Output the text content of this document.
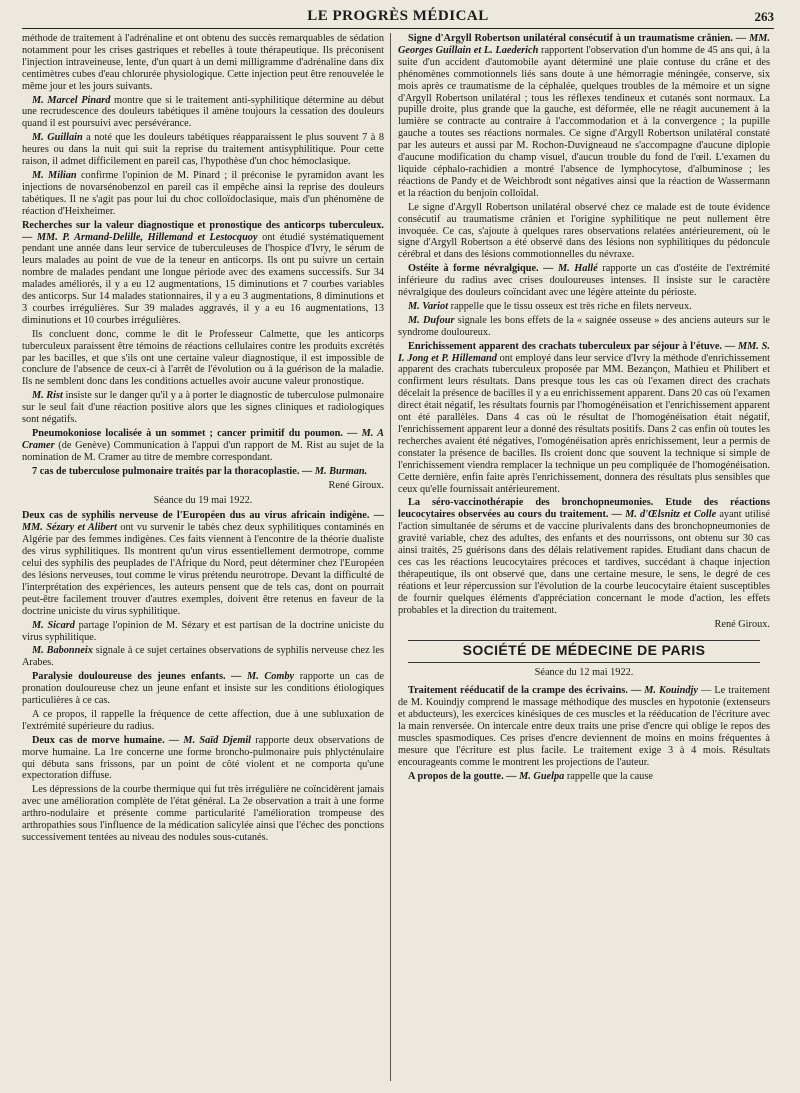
LE PROGRÈS MÉDICAL	263

méthode de traitement à l'adrénaline et ont obtenu des succès remarquables de sédation notamment pour les crises gastriques et rebelles à toute thérapeutique. Ils préconisent l'injection intraveineuse, lente, d'un quart à un demi milligramme d'adrénaline dans dix centimètres cubes d'eau chlorurée physiologique. Cette injection peut être renouvelée le même jour et les jours suivants.

M. Marcel Pinard montre que si le traitement anti-syphilitique détermine au début une recrudescence des douleurs tabétiques il amène toujours la cessation des douleurs quand il est poursuivi avec persévérance.

M. Guillain a noté que les douleurs tabétiques réapparaissent le plus souvent 7 à 8 heures ou dans la nuit qui suit la reprise du traitement antisyphilitique. Pour cette raison, il admet difficilement en pareil cas, l'hypothèse d'un choc hémoclasique.

M. Milian confirme l'opinion de M. Pinard ; il préconise le pyramidon avant les injections de novarsénobenzol en pareil cas il empêche ainsi la reprise des douleurs tabétiques. Il ne s'agit pas pour lui du choc colloïdoclasique, mais d'un phénomène de réaction d'Heixheimer.

Recherches sur la valeur diagnostique et pronostique des anticorps tuberculeux. — MM. P. Armand-Delille, Hillemand et Lestocquoy ont étudié systématiquement pendant une année dans leur service de tuberculeuses de l'hospice d'Ivry, le sérum de leurs malades au point de vue de la teneur en anticorps. Ils ont pu suivre un certain nombre de malades pendant une longue période avec des examens successifs. Sur 34 malades améliorés, il y a eu 12 augmentations, 15 diminutions et 7 courbes variables des anticorps. Sur 14 malades stationnaires, il y a eu 3 augmentations, 8 diminutions et 3 courbes irrégulières. Sur 39 malades aggravés, il y a eu 16 augmentations, 13 diminutions et 10 courbes irrégulières.

Ils concluent donc, comme le dit le Professeur Calmette, que les anticorps tuberculeux paraissent être témoins de réactions cellulaires contre les produits excrétés par les bacilles, et que s'ils ont une certaine valeur diagnostique, il est impossible de conclure de l'absence de ceux-ci à l'arrêt de l'évolution ou à la guérison de la maladie. Ils ne semblent donc dans les conditions actuelles avoir aucune valeur pronostique.

M. Rist insiste sur le danger qu'il y a à porter le diagnostic de tuberculose pulmonaire sur le seul fait d'une réaction positive alors que les signes cliniques et radiologiques sont négatifs.

Pneumokoniose localisée à un sommet ; cancer primitif du poumon. — M. A Cramer (de Genève) Communication à l'appui d'un rapport de M. Rist au sujet de la nomination de M. Cramer au titre de membre correspondant.

7 cas de tuberculose pulmonaire traités par la thoracoplastie. — M. Burman.

René Giroux.
Séance du 19 mai 1922.

Deux cas de syphilis nerveuse de l'Européen dus au virus africain indigène. — MM. Sézary et Alibert ont vu survenir le tabès chez deux syphilitiques contaminés en Algérie par des femmes indigènes. Ces faits viennent à l'encontre de la théorie dualiste des virus syphilitiques. Ils montrent qu'un virus essentiellement dermotrope, comme celui des syphilis des peuplades de l'Afrique du Nord, peut déterminer chez l'Européen des lésions nerveuses, tout comme le virus prétendu neurotrope. Devant la difficulté de l'interprétation des expériences, les auteurs pensent que de tels cas, dont on pourrait peut-être facilement trouver d'autres exemples, doivent être retenus en faveur de la doctrine uniciste du virus syphilitique.

M. Sicard partage l'opinion de M. Sézary et est partisan de la doctrine uniciste du virus syphilitique.

M. Babonneix signale à ce sujet certaines observations de syphilis nerveuse chez les Arabes.

Paralysie douloureuse des jeunes enfants. — M. Comby rapporte un cas de pronation douloureuse chez un jeune enfant et insiste sur les conditions étiologiques particulières à ce cas.

A ce propos, il rappelle la fréquence de cette affection, due à une subluxation de l'extrémité supérieure du radius.

Deux cas de morve humaine. — M. Saïd Djemil rapporte deux observations de morve humaine. La 1re concerne une forme broncho-pulmonaire puis phlycténulaire qui débuta sans frissons, par un point de côté violent et ne comporta qu'une expectoration diffuse.

Les dépressions de la courbe thermique qui fut très irrégulière ne coïncidèrent jamais avec une amélioration complète de l'état général. La 2e observation a trait à une forme arthro-nodulaire et présente comme particularité l'amélioration trompeuse des arthropathies sous l'influence de la médication salicylée ainsi que l'échec des ponctions successivement tentées au niveau des nodules sous-cutanés.

Signe d'Argyll Robertson unilatéral consécutif à un traumatisme crânien. — MM. Georges Guillain et L. Laederich rapportent l'observation d'un homme de 45 ans qui, à la suite d'un accident d'automobile ayant déterminé une plaie contuse du crâne et des phénomènes commotionnels liés sans doute à une hémorragie méningée, conserve, six mois après ce traumatisme de la céphalée, quelques troubles de la mémoire et un signe d'Argyll Robertson unilatéral ; tous les réflexes tendineux et cutanés sont normaux. La pupille droite, plus grande que la gauche, est déformée, elle ne réagit aucunement à la lumière se contracte au contraire à l'accommodation et à la convergence ; la pupille gauche a toutes ses réactions normales. Ce signe d'Argyll Robertson unilatéral constaté par les auteurs et aussi par M. Rochon-Duvigneaud ne s'accompagne d'aucune diplopie d'aucune modification du champ visuel, d'aucun trouble du fond de l'œil. L'examen du liquide céphalo-rachidien a montré l'absence de lymphocytose, d'albuminose ; les réactions de Pandy et de Weichbrodt sont négatives ainsi que la réaction de Wassermann et la réaction du benjoin colloïdal.

Le signe d'Argyll Robertson unilatéral observé chez ce malade est de toute évidence consécutif au traumatisme crânien et l'origine syphilitique ne peut nullement être invoquée. Ce cas, s'ajoute à quelques rares observations relatées antérieurement, où le signe d'Argyll Robertson a été observé dans des lésions non syphilitiques du pédoncule cérébral et dans des lésions commotionnelles du névraxe.

Ostéite à forme névralgique. — M. Hallé rapporte un cas d'ostéite de l'extrémité inférieure du radius avec crises douloureuses intenses. Il insiste sur le caractère névralgique des douleurs coïncidant avec une légère atteinte du périoste.

M. Variot rappelle que le tissu osseux est très riche en filets nerveux.

M. Dufour signale les bons effets de la « saignée osseuse » des anciens auteurs sur le syndrome douloureux.

Enrichissement apparent des crachats tuberculeux par séjour à l'étuve. — MM. S. I. Jong et P. Hillemand ont employé dans leur service d'Ivry la méthode d'enrichissement apparent des crachats tuberculeux proposée par MM. Bezançon, Mathieu et Philibert et confirment leurs résultats. Dans presque tous les cas où l'examen direct des crachats décelait la présence de bacilles il y a eu enrichissement apparent. Dans 20 cas où l'examen direct était négatif, les résultats fournis par l'homogénéisation et l'enrichissement apparent ont été parallèles. Dans 4 cas où le résultat de l'homogénéisation était négatif, l'enrichissement apparent leur a donné des résultats positifs. Dans 2 cas enfin où toutes les recherches avaient été négatives, l'omogénéisation après enrichissement, leur a permis de constater la présence de bacilles. Ils croient donc que souvent la technique si simple de l'enrichissement viendra remplacer la technique un peu compliquée de l'homogénéisation. Cette dernière, enfin faite après l'enrichissement, donnera des résultats plus sensibles que ceux qu'elle fournissait antérieurement.

La séro-vaccinothérapie des bronchopneumonies. Etude des réactions leucocytaires observées au cours du traitement. — M. d'Œlsnitz et Colle ayant utilisé l'action simultanée de sérums et de vaccine plurivalents dans des bronchopneumonies de gravité variable, chez des adultes, des enfants et des nourrissons, ont obtenu sur 30 cas ainsi traités, 25 guérisons dans des délais relativement rapides. Etudiant dans chacun de ces cas les réactions leucocytaires précoces et tardives, succédant à chaque injection thérapeutique, ils ont observé que, dans une certaine mesure, le sens, le degré de ces réations et leur répercussion sur l'évolution de la courbe leucocytaire étaient susceptibles de fournir quelques éléments d'appréciation concernant le mode d'action, les effets probables et la direction du traitement.

René Giroux.
SOCIÉTÉ DE MÉDECINE DE PARIS
Séance du 12 mai 1922.

Traitement rééducatif de la crampe des écrivains. — M. Kouindjy — Le traitement de M. Kouindjy comprend le massage méthodique des muscles en hypotonie (extenseurs et abducteurs), les exercices kinésiques de ces muscles et la rééducation de l'écriture avec la main renversée. On intercale entre deux traits une prise d'encre qui oblige le repos des muscles spasmodiques. Ces prises d'encre deviennent de moins en moins fréquentes à mesure que l'écriture est plus facile. Le traitement exige 3 à 4 mois. Résultats encourageants comme le montrent les projections de l'auteur.

A propos de la goutte. — M. Guelpa rappelle que la cause
